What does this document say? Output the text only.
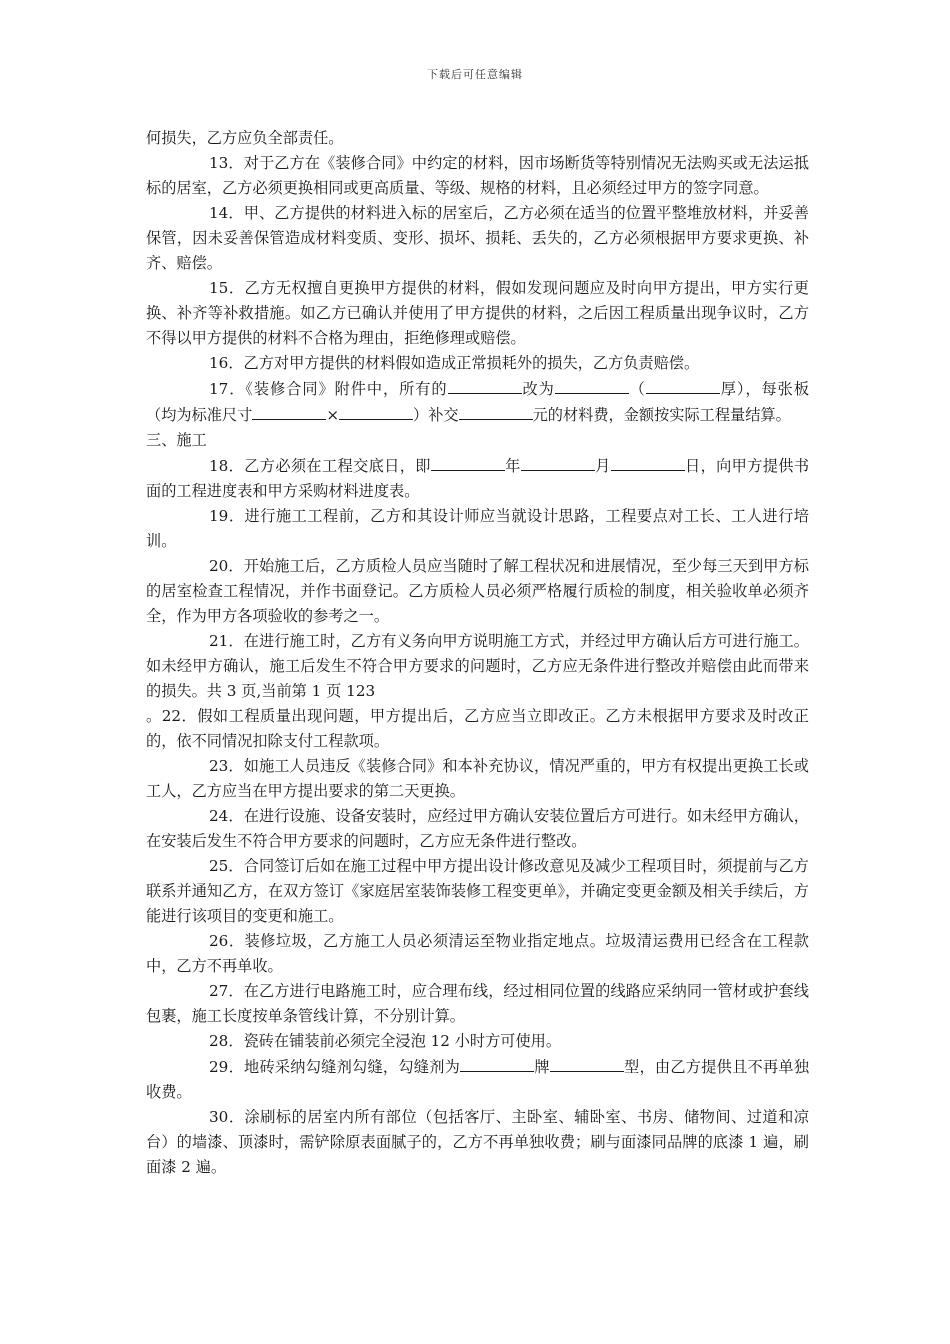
下载后可任意编辑

何损失，乙方应负全部责任。

13．对于乙方在《装修合同》中约定的材料，因市场断货等特别情况无法购买或无法运抵标的居室，乙方必须更换相同或更高质量、等级、规格的材料，且必须经过甲方的签字同意。

14．甲、乙方提供的材料进入标的居室后，乙方必须在适当的位置平整堆放材料，并妥善保管，因未妥善保管造成材料变质、变形、损坏、损耗、丢失的，乙方必须根据甲方要求更换、补齐、赔偿。

15．乙方无权擅自更换甲方提供的材料，假如发现问题应及时向甲方提出，甲方实行更换、补齐等补救措施。如乙方已确认并使用了甲方提供的材料，之后因工程质量出现争议时，乙方不得以甲方提供的材料不合格为理由，拒绝修理或赔偿。

16．乙方对甲方提供的材料假如造成正常损耗外的损失，乙方负责赔偿。

17．《装修合同》附件中，所有的	改为	（	厚），每张板（均为标准尺寸	×	）补交	元的材料费，金额按实际工程量结算。

三、施工

18．乙方必须在工程交底日，即	年	月	日，向甲方提供书面的工程进度表和甲方采购材料进度表。

19．进行施工工程前，乙方和其设计师应当就设计思路，工程要点对工长、工人进行培训。

20．开始施工后，乙方质检人员应当随时了解工程状况和进展情况，至少每三天到甲方标的居室检查工程情况，并作书面登记。乙方质检人员必须严格履行质检的制度，相关验收单必须齐全，作为甲方各项验收的参考之一。

21．在进行施工时，乙方有义务向甲方说明施工方式，并经过甲方确认后方可进行施工。如未经甲方确认，施工后发生不符合甲方要求的问题时，乙方应无条件进行整改并赔偿由此而带来的损失。共 3 页,当前第 1 页 123

。22．假如工程质量出现问题，甲方提出后，乙方应当立即改正。乙方未根据甲方要求及时改正的，依不同情况扣除支付工程款项。

23．如施工人员违反《装修合同》和本补充协议，情况严重的，甲方有权提出更换工长或工人，乙方应当在甲方提出要求的第二天更换。

24．在进行设施、设备安装时，应经过甲方确认安装位置后方可进行。如未经甲方确认，在安装后发生不符合甲方要求的问题时，乙方应无条件进行整改。

25．合同签订后如在施工过程中甲方提出设计修改意见及减少工程项目时，须提前与乙方联系并通知乙方，在双方签订《家庭居室装饰装修工程变更单》，并确定变更金额及相关手续后，方能进行该项目的变更和施工。

26．装修垃圾，乙方施工人员必须清运至物业指定地点。垃圾清运费用已经含在工程款中，乙方不再单收。

27．在乙方进行电路施工时，应合理布线，经过相同位置的线路应采纳同一管材或护套线包裹，施工长度按单条管线计算，不分别计算。

28．瓷砖在铺装前必须完全浸泡 12 小时方可使用。

29．地砖采纳勾缝剂勾缝，勾缝剂为	牌	型，由乙方提供且不再单独收费。

30．涂刷标的居室内所有部位（包括客厅、主卧室、辅卧室、书房、储物间、过道和凉台）的墙漆、顶漆时，需铲除原表面腻子的，乙方不再单独收费；刷与面漆同品牌的底漆 1 遍，刷面漆 2 遍。
